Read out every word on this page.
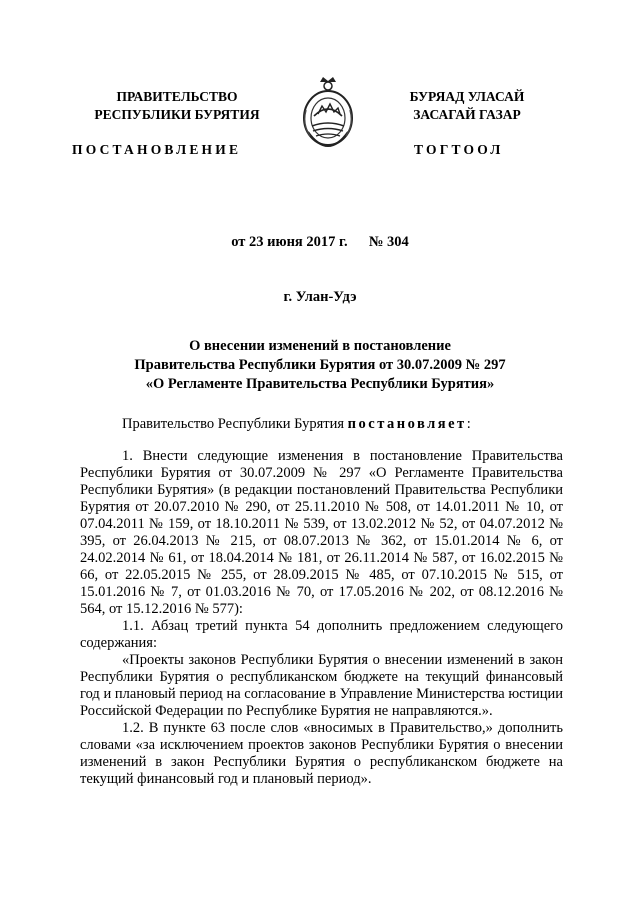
ПРАВИТЕЛЬСТВО
РЕСПУБЛИКИ БУРЯТИЯ
БУРЯАД УЛАСАЙ
ЗАСАГАЙ ГАЗАР
ПОСТАНОВЛЕНИЕ	ТОГТООЛ
от 23 июня 2017 г. № 304
г. Улан-Удэ
О внесении изменений в постановление
Правительства Республики Бурятия от 30.07.2009 № 297
«О Регламенте Правительства Республики Бурятия»

Правительство Республики Бурятия постановляет:

1. Внести следующие изменения в постановление Правительства Республики Бурятия от 30.07.2009 № 297 «О Регламенте Правительства Республики Бурятия» (в редакции постановлений Правительства Республики Бурятия от 20.07.2010 № 290, от 25.11.2010 № 508, от 14.01.2011 № 10, от 07.04.2011 № 159, от 18.10.2011 № 539, от 13.02.2012 № 52, от 04.07.2012 № 395, от 26.04.2013 № 215, от 08.07.2013 № 362, от 15.01.2014 № 6, от 24.02.2014 № 61, от 18.04.2014 № 181, от 26.11.2014 № 587, от 16.02.2015 № 66, от 22.05.2015 № 255, от 28.09.2015 № 485, от 07.10.2015 № 515, от 15.01.2016 № 7, от 01.03.2016 № 70, от 17.05.2016 № 202, от 08.12.2016 № 564, от 15.12.2016 № 577):

1.1. Абзац третий пункта 54 дополнить предложением следующего содержания:

«Проекты законов Республики Бурятия о внесении изменений в закон Республики Бурятия о республиканском бюджете на текущий финансовый год и плановый период на согласование в Управление Министерства юстиции Российской Федерации по Республике Бурятия не направляются.».

1.2. В пункте 63 после слов «вносимых в Правительство,» дополнить словами «за исключением проектов законов Республики Бурятия о внесении изменений в закон Республики Бурятия о республиканском бюджете на текущий финансовый год и плановый период».
